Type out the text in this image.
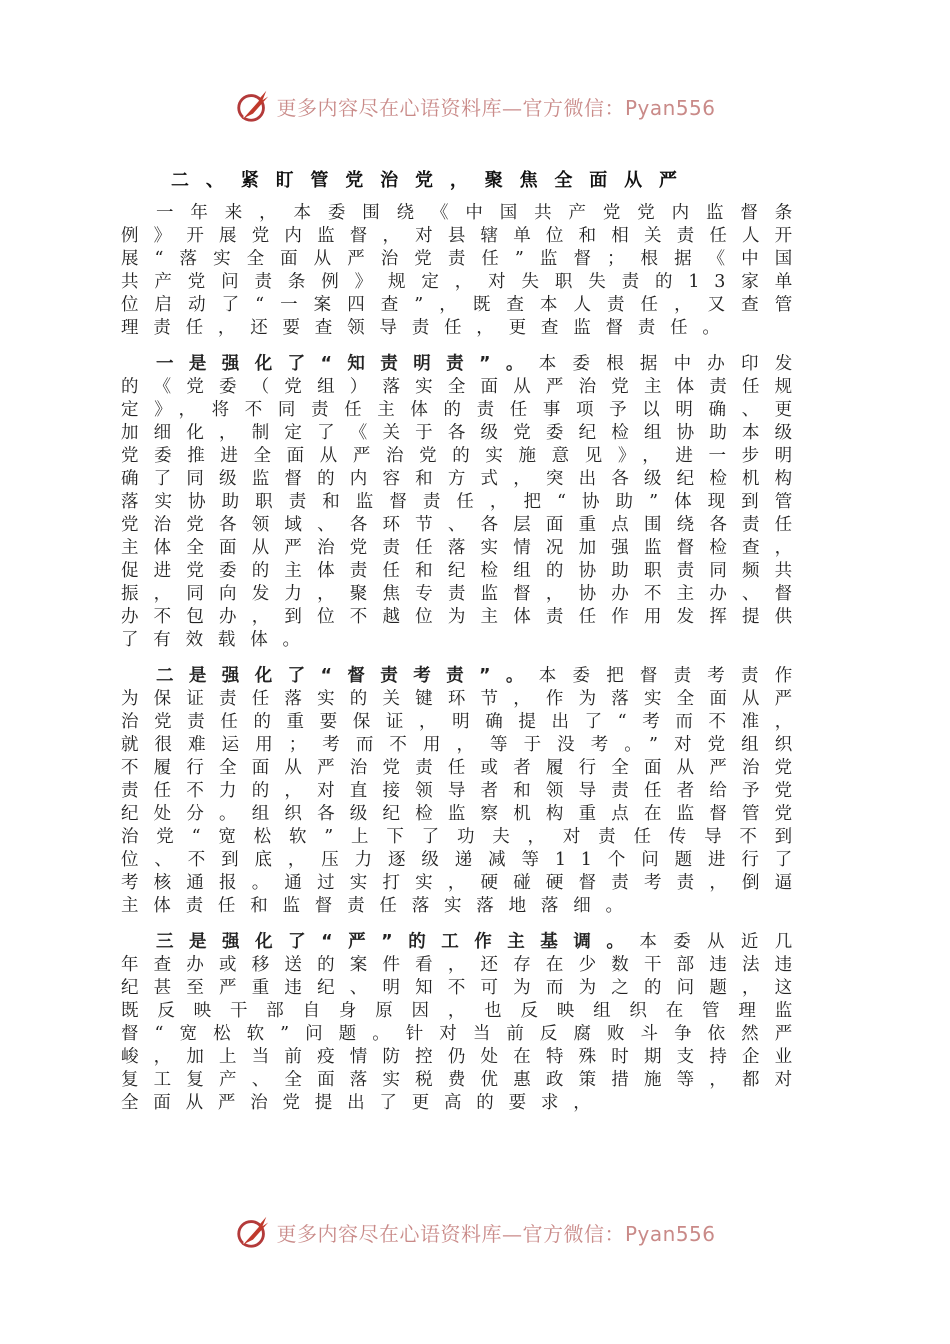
更多内容尽在心语资料库—官方微信：Pyan556
二、紧盯管党治党，聚焦全面从严

一年来，本委围绕《中国共产党党内监督条例》开展党内监督，对县辖单位和相关责任人开展“落实全面从严治党责任”监督；根据《中国共产党问责条例》规定，对失职失责的13家单位启动了“一案四查”，既查本人责任，又查管理责任，还要查领导责任，更查监督责任。

一是强化了“知责明责”。本委根据中办印发的《党委（党组）落实全面从严治党主体责任规定》，将不同责任主体的责任事项予以明确、更加细化，制定了《关于各级党委纪检组协助本级党委推进全面从严治党的实施意见》，进一步明确了同级监督的内容和方式，突出各级纪检机构落实协助职责和监督责任，把“协助”体现到管党治党各领域、各环节、各层面重点围绕各责任主体全面从严治党责任落实情况加强监督检查，促进党委的主体责任和纪检组的协助职责同频共振，同向发力，聚焦专责监督，协办不主办、督办不包办，到位不越位为主体责任作用发挥提供了有效载体。

二是强化了“督责考责”。本委把督责考责作为保证责任落实的关键环节，作为落实全面从严治党责任的重要保证，明确提出了“考而不准，就很难运用；考而不用，等于没考。”对党组织不履行全面从严治党责任或者履行全面从严治党责任不力的，对直接领导者和领导责任者给予党纪处分。组织各级纪检监察机构重点在监督管党治党“宽松软”上下了功夫，对责任传导不到位、不到底，压力逐级递减等11个问题进行了考核通报。通过实打实，硬碰硬督责考责，倒逼主体责任和监督责任落实落地落细。

三是强化了“严”的工作主基调。本委从近几年查办或移送的案件看，还存在少数干部违法违纪甚至严重违纪、明知不可为而为之的问题，这既反映干部自身原因，也反映组织在管理监督“宽松软”问题。针对当前反腐败斗争依然严峻，加上当前疫情防控仍处在特殊时期支持企业复工复产、全面落实税费优惠政策措施等，都对全面从严治党提出了更高的要求，

更多内容尽在心语资料库—官方微信：Pyan556
